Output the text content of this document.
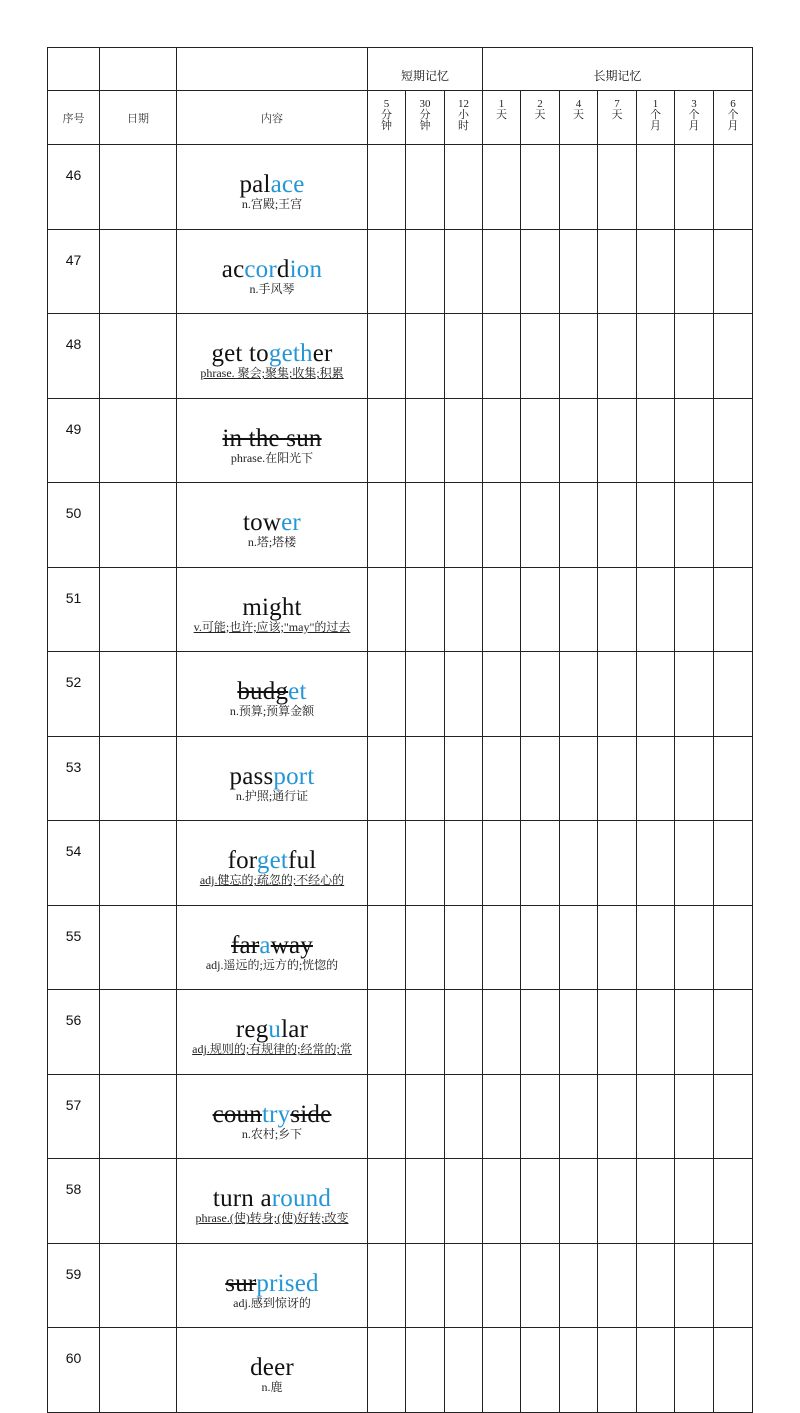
			短期记忆			长期记忆						
序号	日期	内容	5
分
钟	30
分
钟	12
小
时	1
天	2
天	4
天	7
天	1
个
月	3
个
月	6
个
月

46		palace
n.宫殿;王宫										

47		accordion
n.手风琴										

48		get together
phrase. 聚会;聚集;收集;积累										

49		in the sun
phrase.在阳光下										

50		tower
n.塔;塔楼										

51		might
v.可能;也许;应该;"may"的过去										

52		budget
n.预算;预算金额										

53		passport
n.护照;通行证										

54		forgetful
adj.健忘的;疏忽的;不经心的										

55		faraway
adj.遥远的;远方的;恍惚的										

56		regular
adj.规则的;有规律的;经常的;常										

57		countryside
n.农村;乡下										

58		turn around
phrase.(使)转身;(使)好转;改变										

59		surprised
adj.感到惊讶的										

60		deer
n.鹿										
